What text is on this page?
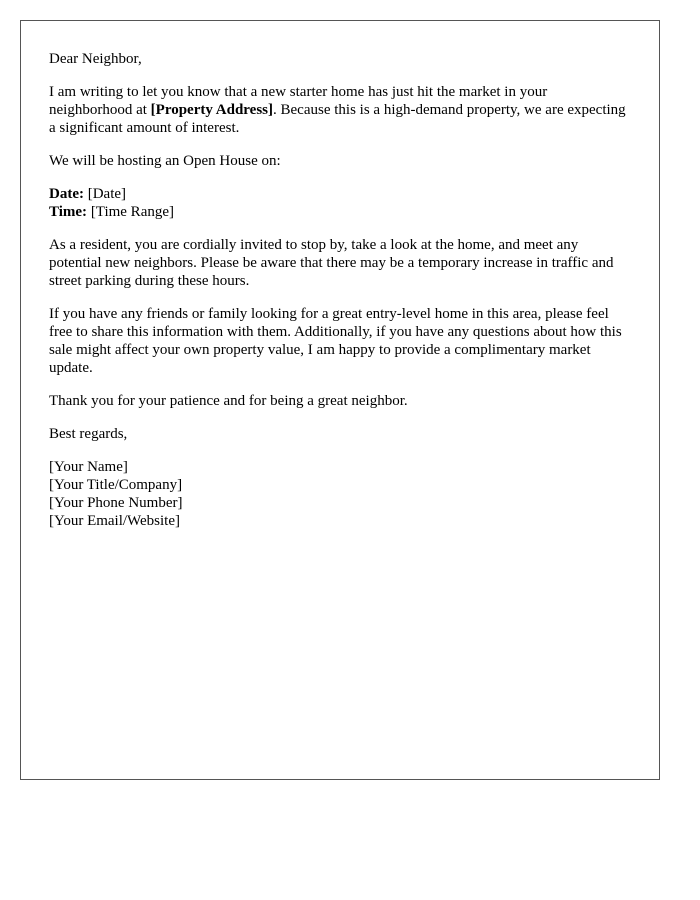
Dear Neighbor,

I am writing to let you know that a new starter home has just hit the market in your neighborhood at [Property Address]. Because this is a high-demand property, we are expecting a significant amount of interest.

We will be hosting an Open House on:

Date: [Date]
Time: [Time Range]

As a resident, you are cordially invited to stop by, take a look at the home, and meet any potential new neighbors. Please be aware that there may be a temporary increase in traffic and street parking during these hours.

If you have any friends or family looking for a great entry-level home in this area, please feel free to share this information with them. Additionally, if you have any questions about how this sale might affect your own property value, I am happy to provide a complimentary market update.

Thank you for your patience and for being a great neighbor.

Best regards,

[Your Name]
[Your Title/Company]
[Your Phone Number]
[Your Email/Website]
